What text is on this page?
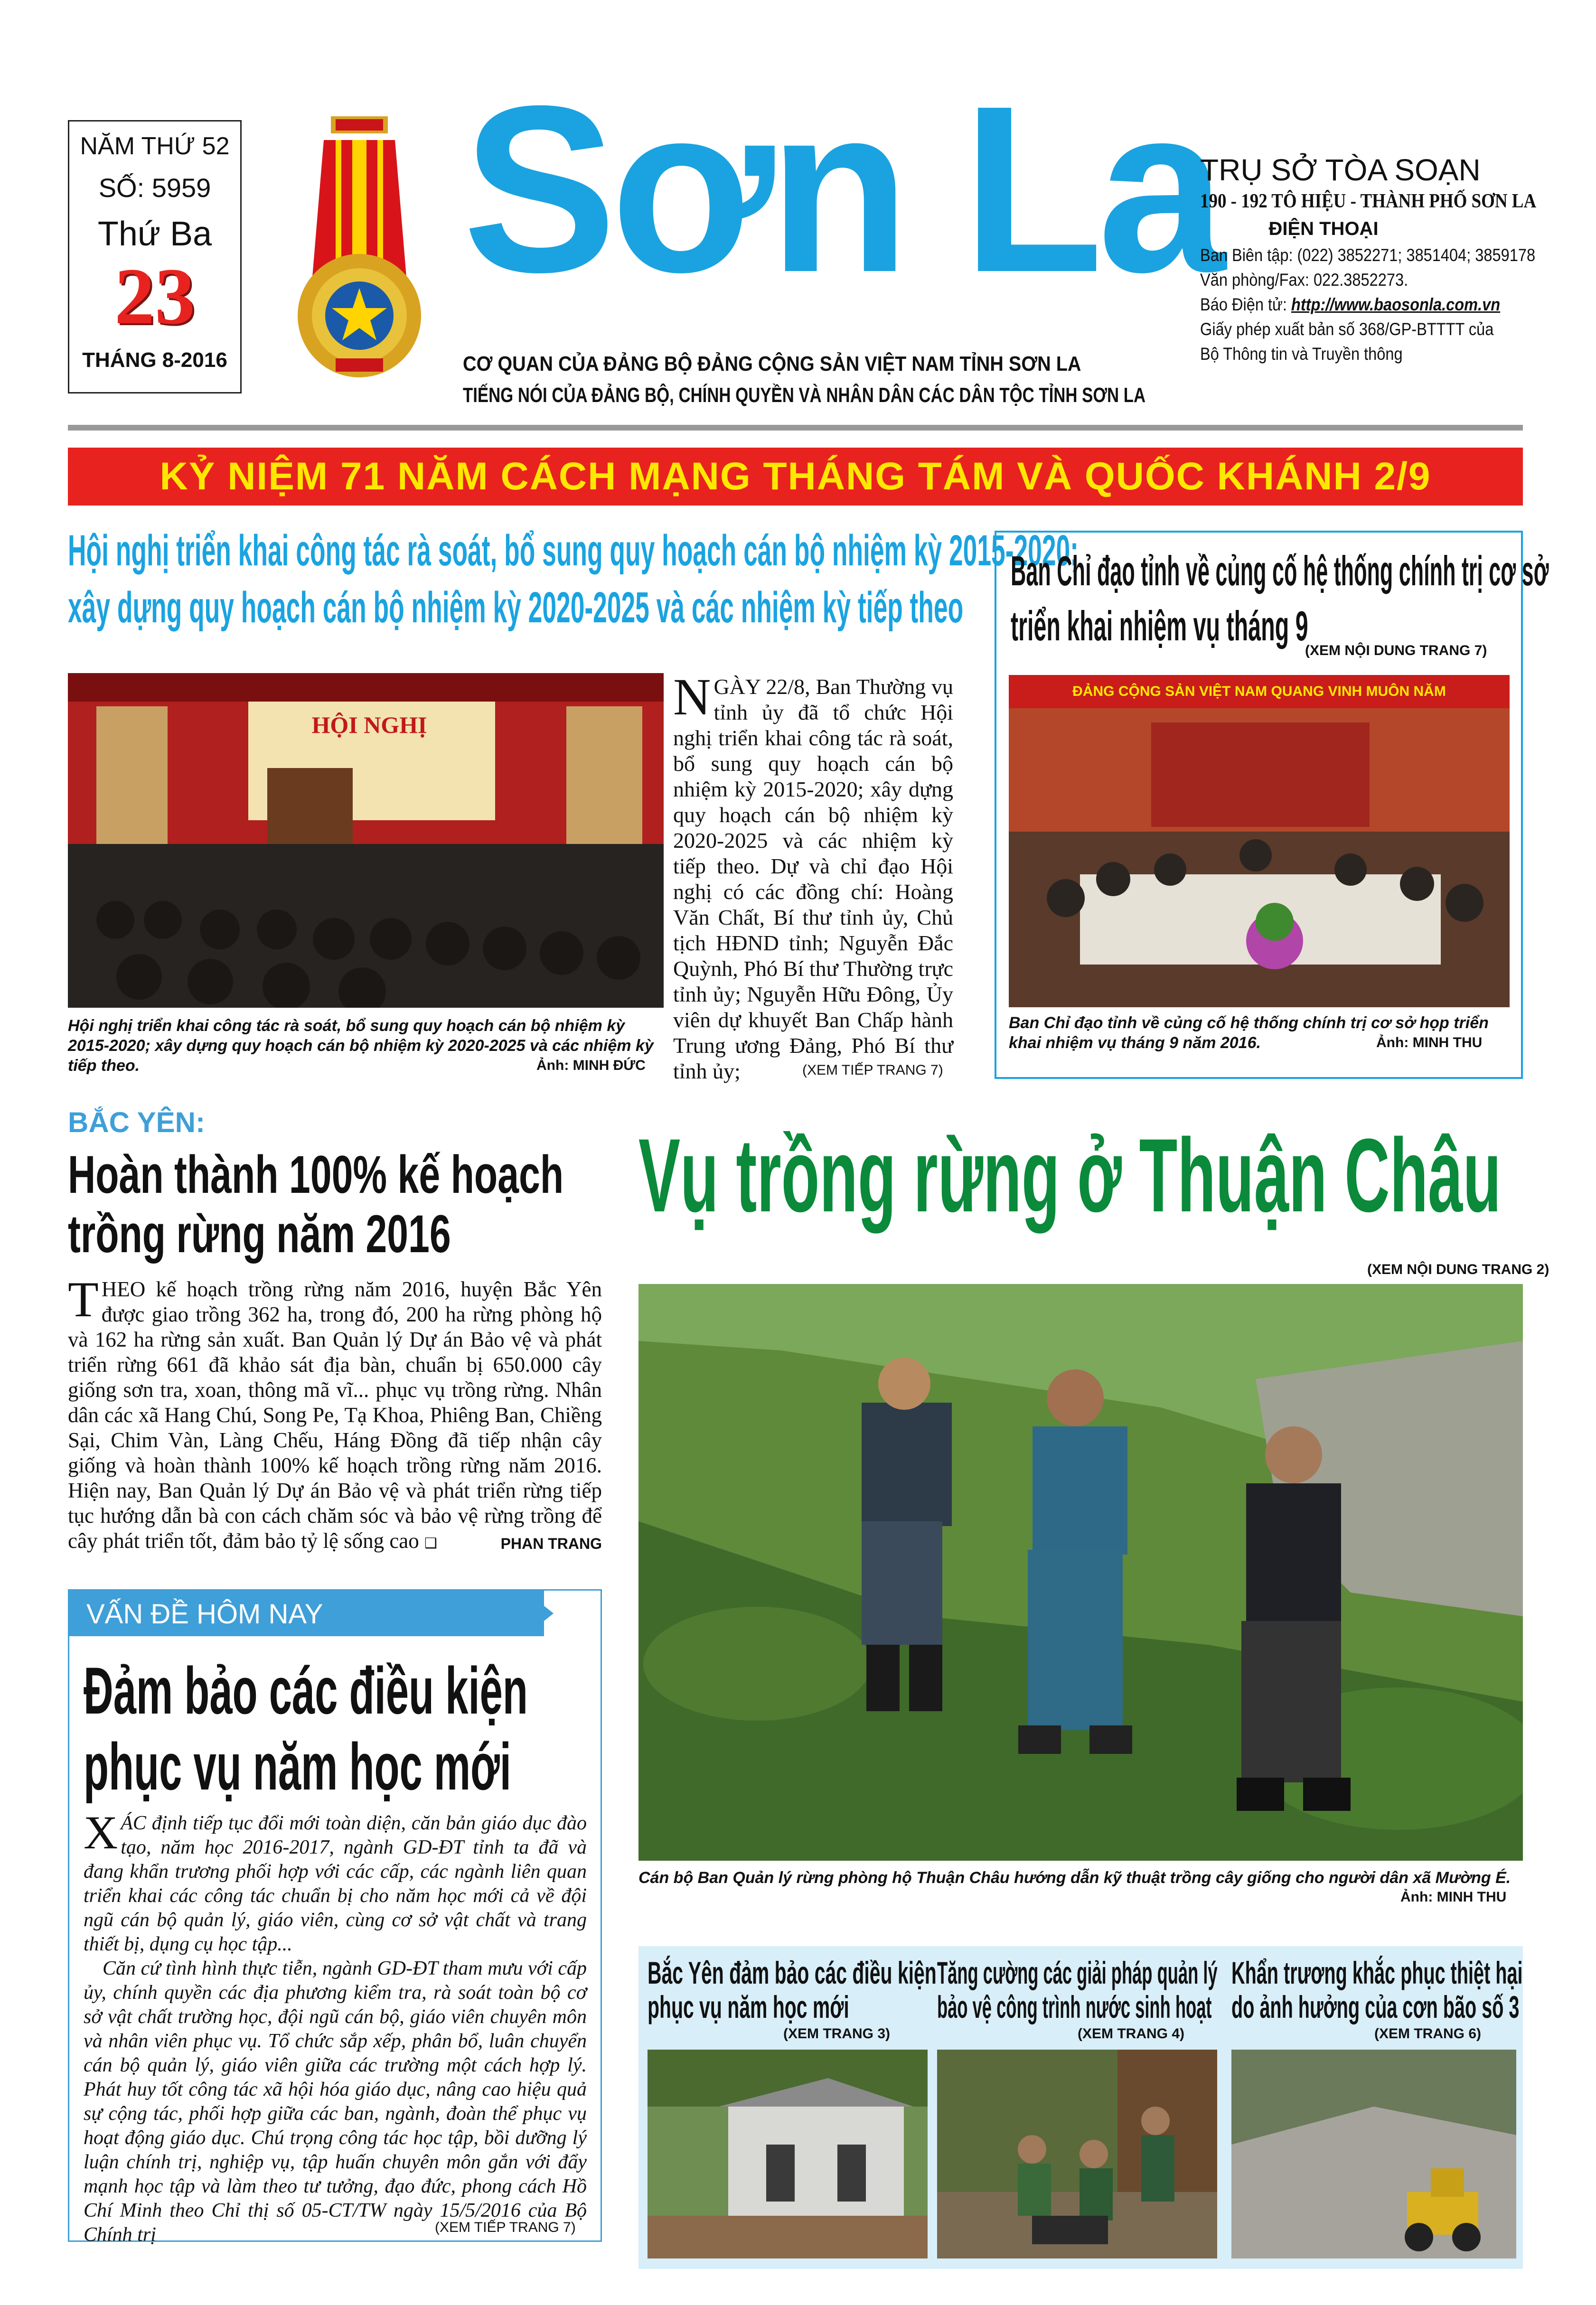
NĂM THỨ 52
SỐ: 5959
Thứ Ba
23
THÁNG 8-2016
Sơn La
CƠ QUAN CỦA ĐẢNG BỘ ĐẢNG CỘNG SẢN VIỆT NAM TỈNH SƠN LA
TIẾNG NÓI CỦA ĐẢNG BỘ, CHÍNH QUYỀN VÀ NHÂN DÂN CÁC DÂN TỘC TỈNH SƠN LA
TRỤ SỞ TÒA SOẠN
190 - 192 TÔ HIỆU - THÀNH PHỐ SƠN LA
ĐIỆN THOẠI
Ban Biên tập: (022) 3852271; 3851404; 3859178
Văn phòng/Fax: 022.3852273.
Báo Điện tử: http://www.baosonla.com.vn
Giấy phép xuất bản số 368/GP-BTTTT của
Bộ Thông tin và Truyền thông
KỶ NIỆM 71 NĂM CÁCH MẠNG THÁNG TÁM VÀ QUỐC KHÁNH 2/9
Hội nghị triển khai công tác rà soát, bổ sung quy hoạch cán bộ nhiệm kỳ 2015-2020;
xây dựng quy hoạch cán bộ nhiệm kỳ 2020-2025 và các nhiệm kỳ tiếp theo
HỘI NGHỊ
Hội nghị triển khai công tác rà soát, bổ sung quy hoạch cán bộ nhiệm kỳ 2015-2020; xây dựng quy hoạch cán bộ nhiệm kỳ 2020-2025 và các nhiệm kỳ tiếp theo.	Ảnh: MINH ĐỨC
NGÀY 22/8, Ban Thường vụ tỉnh ủy đã tổ chức Hội nghị triển khai công tác rà soát, bổ sung quy hoạch cán bộ nhiệm kỳ 2015-2020; xây dựng quy hoạch cán bộ nhiệm kỳ 2020-2025 và các nhiệm kỳ tiếp theo. Dự và chỉ đạo Hội nghị có các đồng chí: Hoàng Văn Chất, Bí thư tỉnh ủy, Chủ tịch HĐND tỉnh; Nguyễn Đắc Quỳnh, Phó Bí thư Thường trực tỉnh ủy; Nguyễn Hữu Đông, Ủy viên dự khuyết Ban Chấp hành Trung ương Đảng, Phó Bí thư tỉnh ủy;	(XEM TIẾP TRANG 7)
Ban Chỉ đạo tỉnh về củng cố hệ thống chính trị cơ sở
triển khai nhiệm vụ tháng 9
(XEM NỘI DUNG TRANG 7)
ĐẢNG CỘNG SẢN VIỆT NAM QUANG VINH MUÔN NĂM
Ban Chỉ đạo tỉnh về củng cố hệ thống chính trị cơ sở họp triển khai nhiệm vụ tháng 9 năm 2016.	Ảnh: MINH THU
BẮC YÊN:
Hoàn thành 100% kế hoạch
trồng rừng năm 2016
THEO kế hoạch trồng rừng năm 2016, huyện Bắc Yên được giao trồng 362 ha, trong đó, 200 ha rừng phòng hộ và 162 ha rừng sản xuất. Ban Quản lý Dự án Bảo vệ và phát triển rừng 661 đã khảo sát địa bàn, chuẩn bị 650.000 cây giống sơn tra, xoan, thông mã vĩ... phục vụ trồng rừng. Nhân dân các xã Hang Chú, Song Pe, Tạ Khoa, Phiêng Ban, Chiềng Sại, Chim Vàn, Làng Chếu, Háng Đồng đã tiếp nhận cây giống và hoàn thành 100% kế hoạch trồng rừng năm 2016. Hiện nay, Ban Quản lý Dự án Bảo vệ và phát triển rừng tiếp tục hướng dẫn bà con cách chăm sóc và bảo vệ rừng trồng để cây phát triển tốt, đảm bảo tỷ lệ sống cao ❑	PHAN TRANG
Vụ trồng rừng ở Thuận Châu
(XEM NỘI DUNG TRANG 2)
Cán bộ Ban Quản lý rừng phòng hộ Thuận Châu hướng dẫn kỹ thuật trồng cây giống cho người dân xã Mường É.
Ảnh: MINH THU
VẤN ĐỀ HÔM NAY
Đảm bảo các điều kiện
phục vụ năm học mới
XÁC định tiếp tục đổi mới toàn diện, căn bản giáo dục đào tạo, năm học 2016-2017, ngành GD-ĐT tỉnh ta đã và đang khẩn trương phối hợp với các cấp, các ngành liên quan triển khai các công tác chuẩn bị cho năm học mới cả về đội ngũ cán bộ quản lý, giáo viên, cùng cơ sở vật chất và trang thiết bị, dụng cụ học tập...
Căn cứ tình hình thực tiễn, ngành GD-ĐT tham mưu với cấp ủy, chính quyền các địa phương kiểm tra, rà soát toàn bộ cơ sở vật chất trường học, đội ngũ cán bộ, giáo viên chuyên môn và nhân viên phục vụ. Tổ chức sắp xếp, phân bổ, luân chuyển cán bộ quản lý, giáo viên giữa các trường một cách hợp lý. Phát huy tốt công tác xã hội hóa giáo dục, nâng cao hiệu quả sự cộng tác, phối hợp giữa các ban, ngành, đoàn thể phục vụ hoạt động giáo dục. Chú trọng công tác học tập, bồi dưỡng lý luận chính trị, nghiệp vụ, tập huấn chuyên môn gắn với đẩy mạnh học tập và làm theo tư tưởng, đạo đức, phong cách Hồ Chí Minh theo Chỉ thị số 05-CT/TW ngày 15/5/2016 của Bộ Chính trị	(XEM TIẾP TRANG 7)
Bắc Yên đảm bảo các điều kiện
phục vụ năm học mới
(XEM TRANG 3)
Tăng cường các giải pháp quản lý
bảo vệ công trình nước sinh hoạt
(XEM TRANG 4)
Khẩn trương khắc phục thiệt hại
do ảnh hưởng của cơn bão số 3
(XEM TRANG 6)
